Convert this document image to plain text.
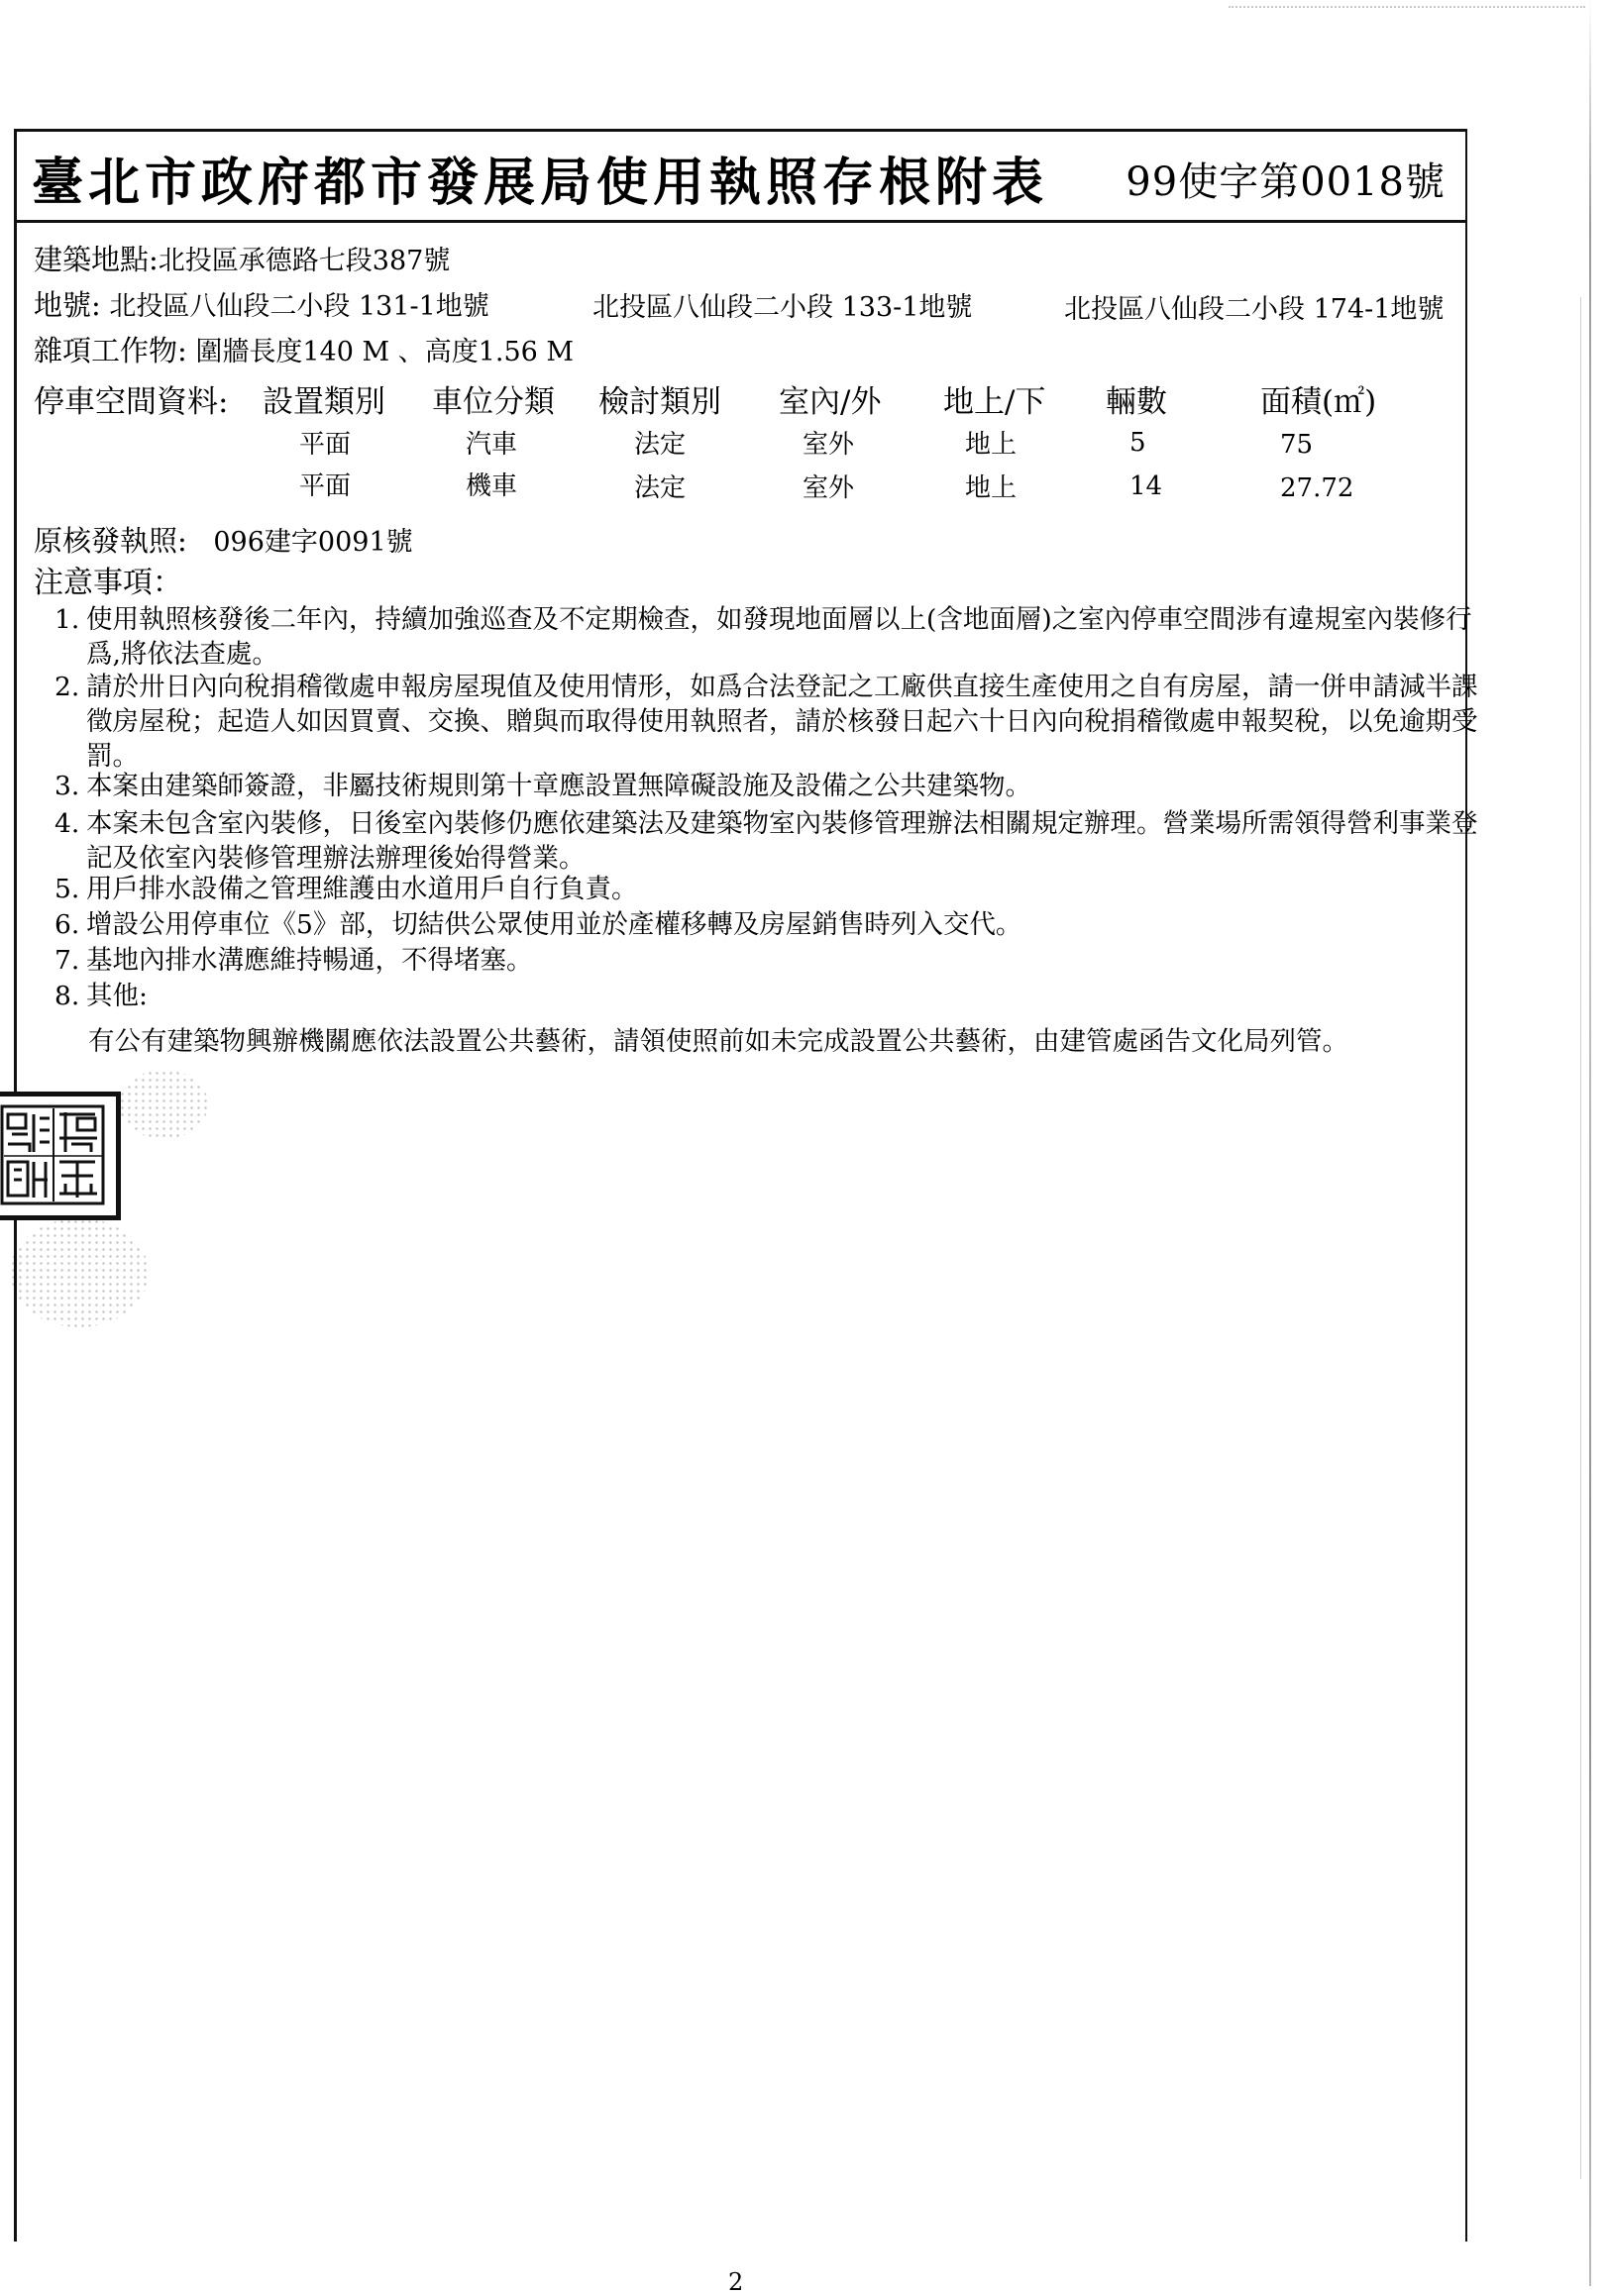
臺北市政府都市發展局使用執照存根附表 99使字第0018號
建築地點:北投區承德路七段387號
地號: 北投區八仙段二小段 131-1地號	北投區八仙段二小段 133-1地號	北投區八仙段二小段 174-1地號
雜項工作物: 圍牆長度140 M 、高度1.56 M
停車空間資料: 設置類別 車位分類 檢討類別 室內/外 地上/下 輛數	面積(㎡)
平面	汽車	法定	室外	地上	5	75
平面	機車	法定	室外	地上	14	27.72
原核發執照: 096建字0091號
注意事項：
1. 使用執照核發後二年內，持續加強巡查及不定期檢查，如發現地面層以上(含地面層)之室內停車空間涉有違規室內裝修行爲,將依法查處。
2. 請於卅日內向稅捐稽徵處申報房屋現值及使用情形，如爲合法登記之工廠供直接生產使用之自有房屋，請一併申請減半課徵房屋稅；起造人如因買賣、交換、贈與而取得使用執照者，請於核發日起六十日內向稅捐稽徵處申報契稅，以免逾期受罰。
3. 本案由建築師簽證，非屬技術規則第十章應設置無障礙設施及設備之公共建築物。
4. 本案未包含室內裝修，日後室內裝修仍應依建築法及建築物室內裝修管理辦法相關規定辦理。營業場所需領得營利事業登記及依室內裝修管理辦法辦理後始得營業。
5. 用戶排水設備之管理維護由水道用戶自行負責。
6. 增設公用停車位《5》部，切結供公眾使用並於產權移轉及房屋銷售時列入交代。
7. 基地內排水溝應維持暢通，不得堵塞。
8. 其他:
有公有建築物興辦機關應依法設置公共藝術，請領使照前如未完成設置公共藝術，由建管處函告文化局列管。
2
